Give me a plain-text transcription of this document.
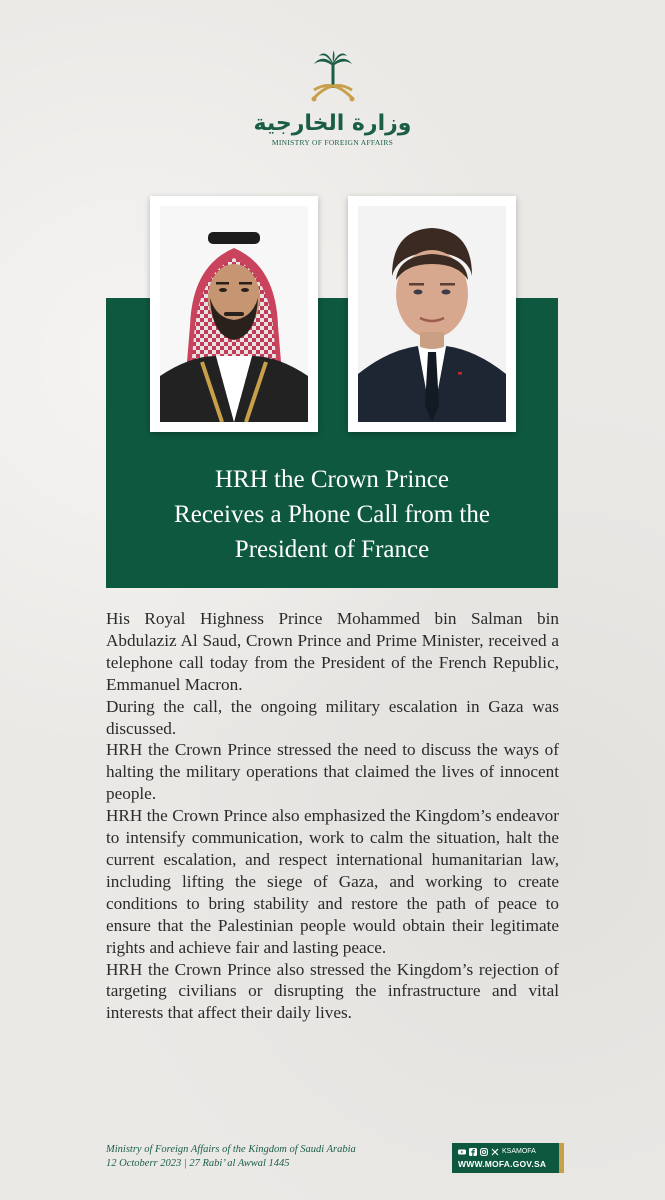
وزارة الخارجية
MINISTRY OF FOREIGN AFFAIRS
HRH the Crown Prince
Receives a Phone Call from the
President of France

His Royal Highness Prince Mohammed bin Salman bin Abdulaziz Al Saud, Crown Prince and Prime Minister, received a telephone call today from the President of the French Republic, Emmanuel Macron.

During the call, the ongoing military escalation in Gaza was discussed.

HRH the Crown Prince stressed the need to discuss the ways of halting the military operations that claimed the lives of innocent people.

HRH the Crown Prince also emphasized the Kingdom’s endeavor to intensify communication, work to calm the situation, halt the current escalation, and respect international humanitarian law, including lifting the siege of Gaza, and working to create conditions to bring stability and restore the path of peace to ensure that the Palestinian people would obtain their legitimate rights and achieve fair and lasting peace.

HRH the Crown Prince also stressed the Kingdom’s rejection of targeting civilians or disrupting the infrastructure and vital interests that affect their daily lives.

Ministry of Foreign Affairs of the Kingdom of Saudi Arabia
12 Octoberr 2023 | 27 Rabi’ al Awwal 1445
KSAMOFA
WWW.MOFA.GOV.SA
